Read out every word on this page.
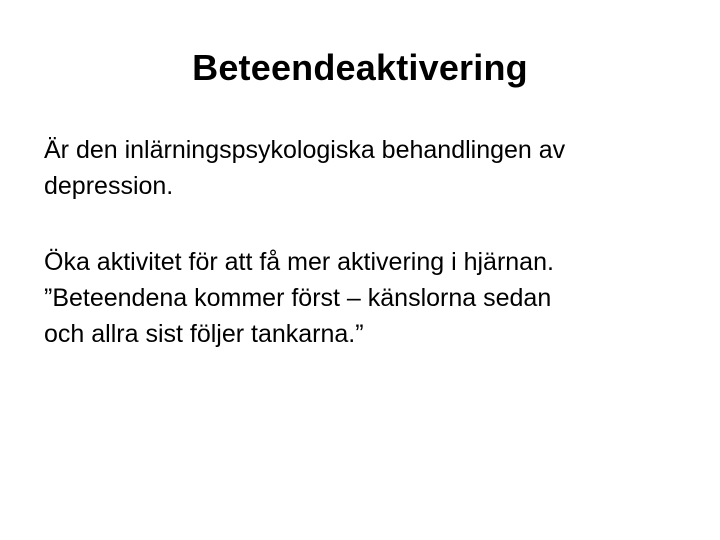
Beteendeaktivering

Är den inlärningspsykologiska behandlingen av
depression.

Öka aktivitet för att få mer aktivering i hjärnan.
”Beteendena kommer först – känslorna sedan
och allra sist följer tankarna.”
